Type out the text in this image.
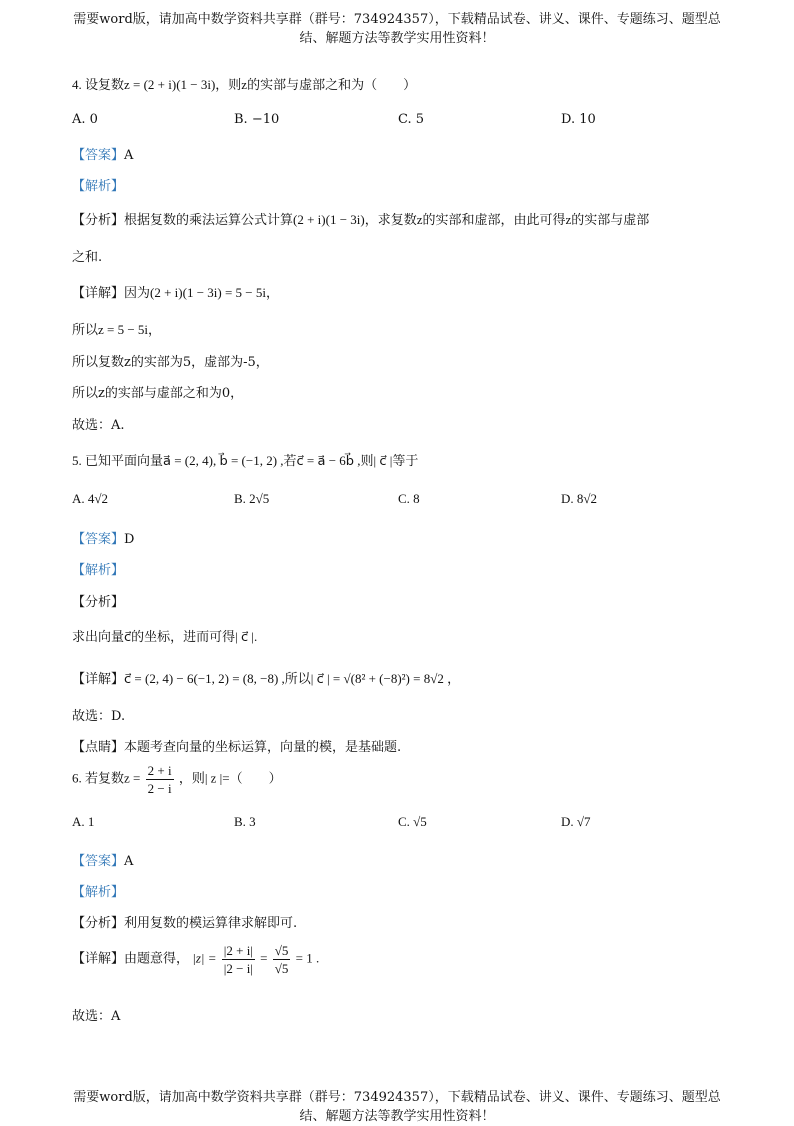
需要word版，请加高中数学资料共享群（群号：734924357），下载精品试卷、讲义、课件、专题练习、题型总
结、解题方法等教学实用性资料！
4. 设复数z = (2 + i)(1 − 3i)，则z的实部与虚部之和为（　　）
A. 0	B. −10	C. 5	D. 10
【答案】A
【解析】
【分析】根据复数的乘法运算公式计算(2 + i)(1 − 3i)，求复数z的实部和虚部，由此可得z的实部与虚部
之和.
【详解】因为(2 + i)(1 − 3i) = 5 − 5i，
所以z = 5 − 5i，
所以复数z的实部为5，虚部为-5，
所以z的实部与虚部之和为0，
故选：A.
5. 已知平面向量a⃗ = (2, 4), b⃗ = (−1, 2) ,若c⃗ = a⃗ − 6b⃗ ,则| c⃗ |等于
A. 4√2	B. 2√5	C. 8	D. 8√2
【答案】D
【解析】
【分析】
求出向量c⃗的坐标，进而可得| c⃗ |.
【详解】c⃗ = (2, 4) − 6(−1, 2) = (8, −8) ,所以| c⃗ | = √(8² + (−8)²) = 8√2 ，
故选：D.
【点睛】本题考查向量的坐标运算，向量的模，是基础题.
6. 若复数$z = \frac{2 + i}{2 - i}$ ，则| z |=（　　）
A. 1	B. 3	C. √5	D. √7
【答案】A
【解析】
【分析】利用复数的模运算律求解即可.
【详解】由题意得， $|z| = \frac{|2 + i|}{|2 - i|} = \frac{√5}{√5} = 1$ .
故选：A
需要word版，请加高中数学资料共享群（群号：734924357），下载精品试卷、讲义、课件、专题练习、题型总
结、解题方法等教学实用性资料！
